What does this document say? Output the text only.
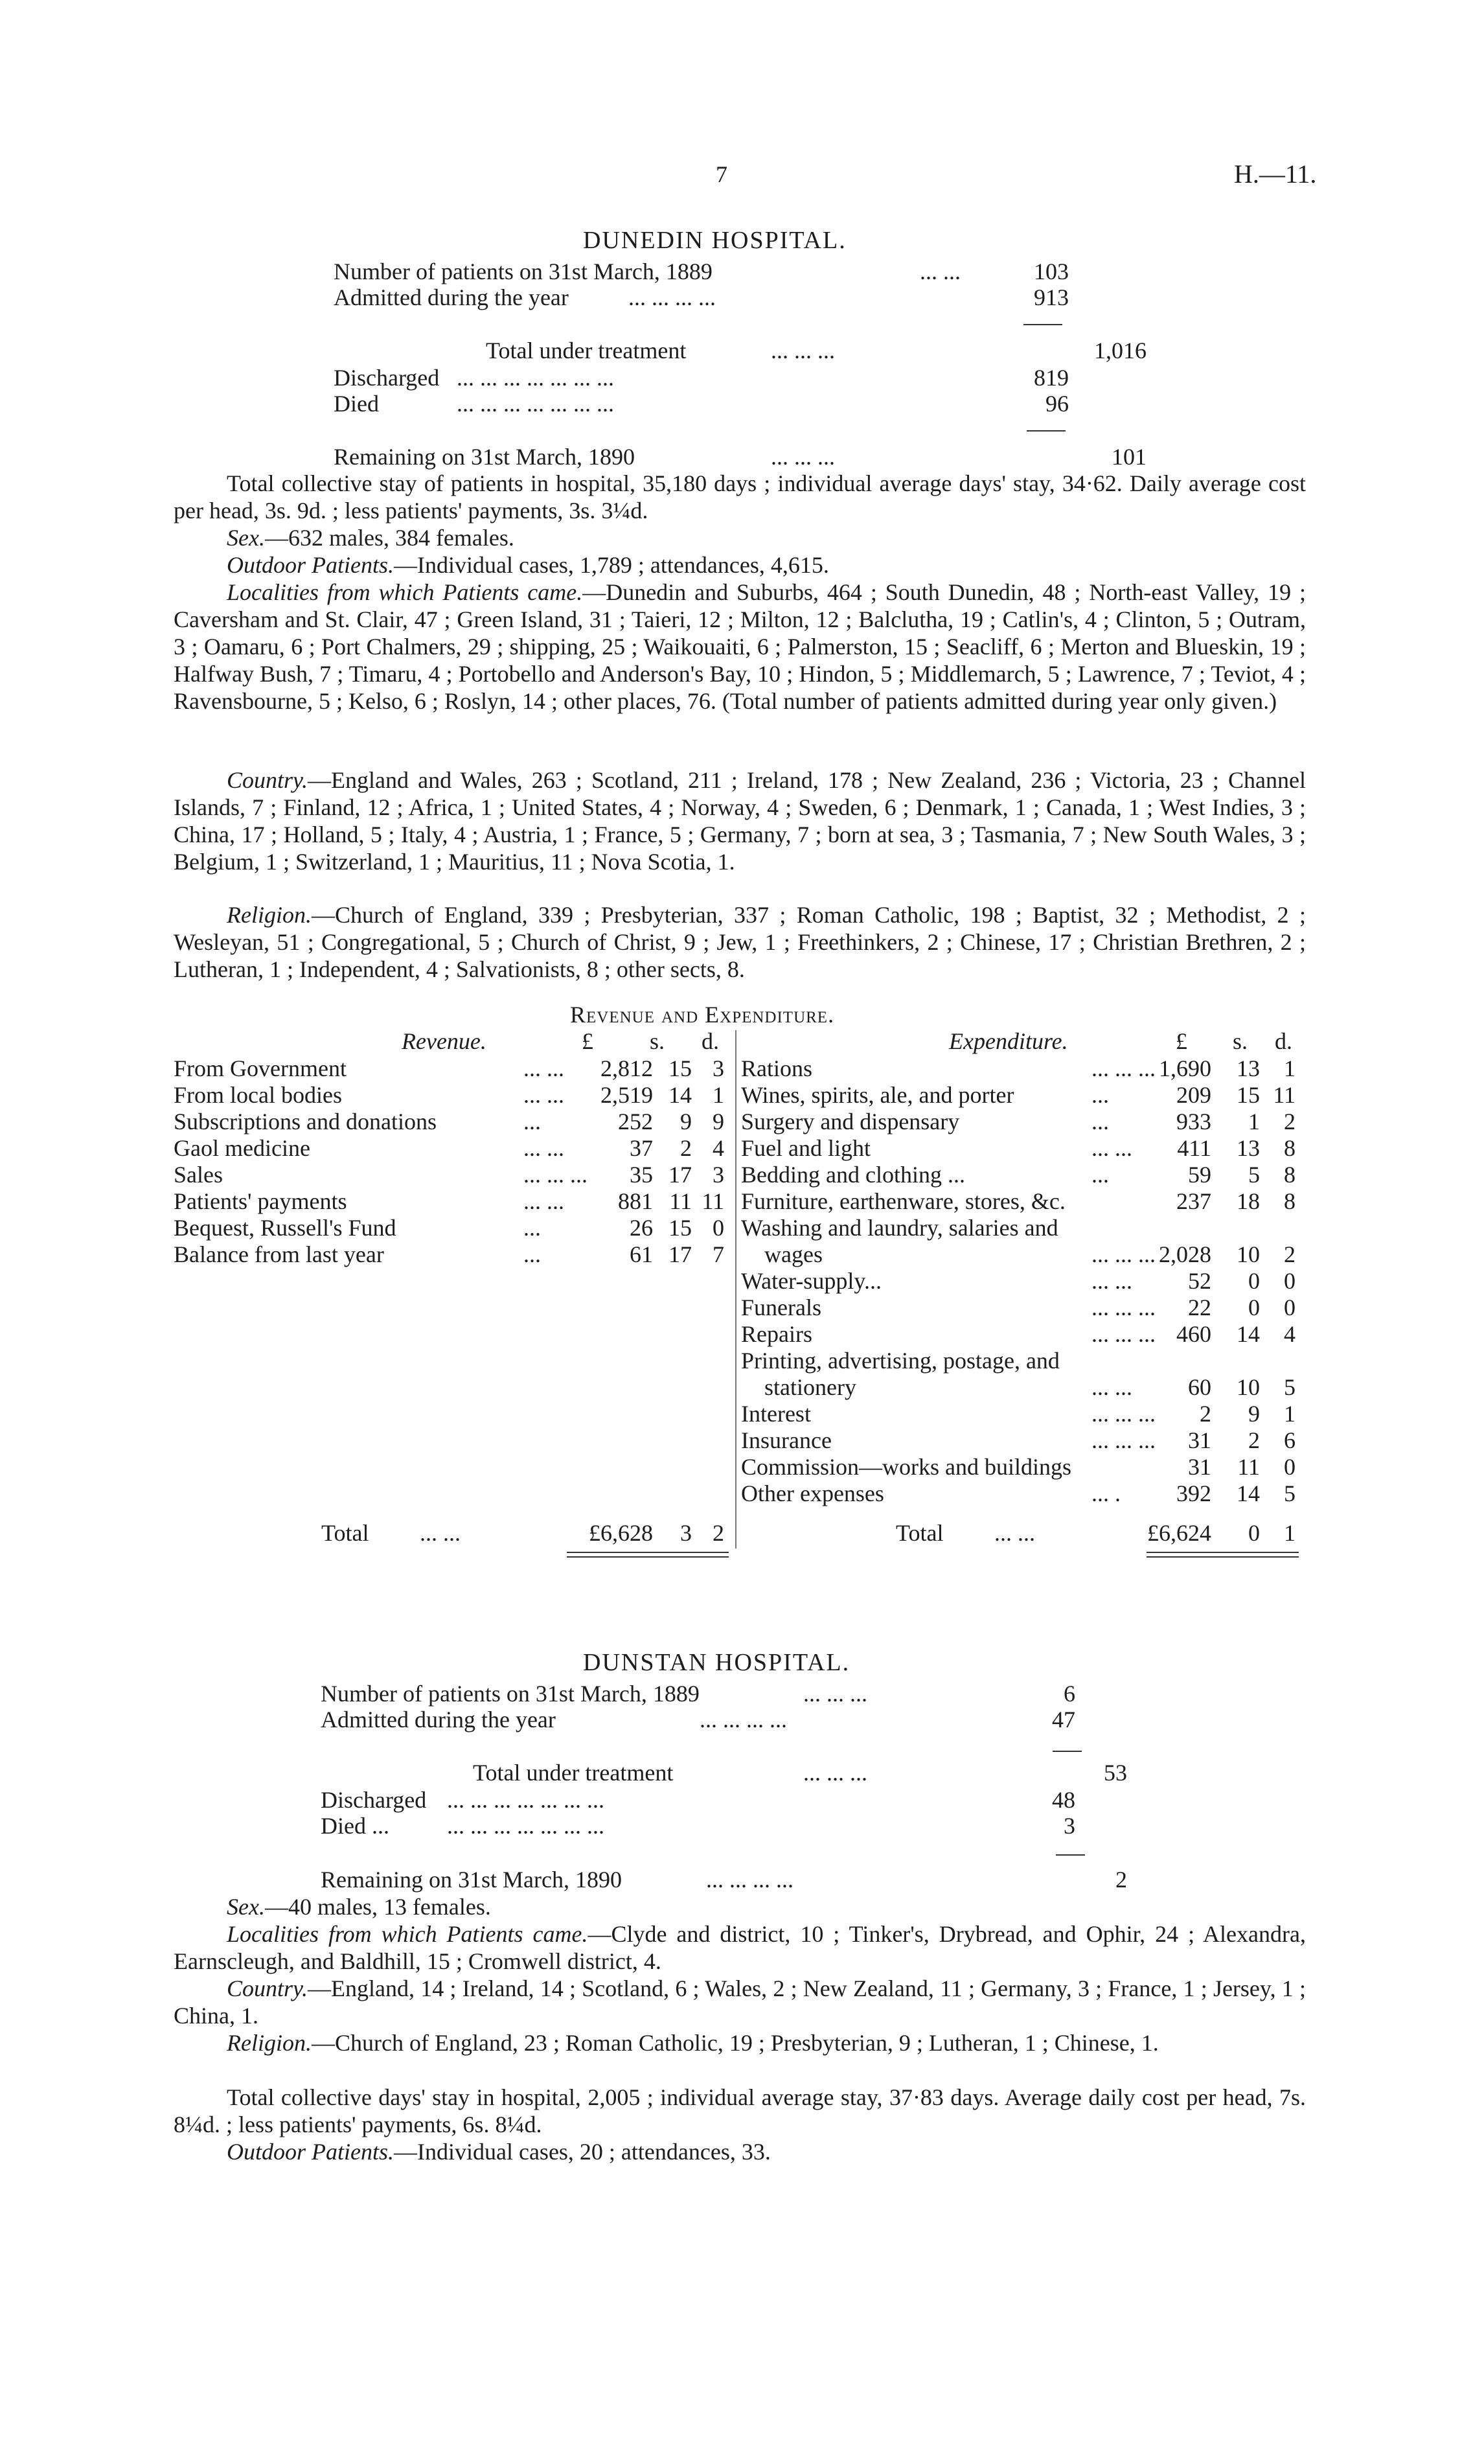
7	H.—11.
DUNEDIN HOSPITAL.
Number of patients on 31st March, 1889	... ...	103
Admitted during the year	... ... ... ...	913
Total under treatment	... ... ...	1,016
Discharged ... ... ... ... ... ... ...	819
Died	... ... ... ... ... ... ...	96
Remaining on 31st March, 1890	... ... ...	101
Total collective stay of patients in hospital, 35,180 days ; individual average days' stay, 34·62. Daily average cost per head, 3s. 9d. ; less patients' payments, 3s. 3¼d.
Sex.—632 males, 384 females.
Outdoor Patients.—Individual cases, 1,789 ; attendances, 4,615.
Localities from which Patients came.—Dunedin and Suburbs, 464 ; South Dunedin, 48 ; North-east Valley, 19 ; Caversham and St. Clair, 47 ; Green Island, 31 ; Taieri, 12 ; Milton, 12 ; Balclutha, 19 ; Catlin's, 4 ; Clinton, 5 ; Outram, 3 ; Oamaru, 6 ; Port Chalmers, 29 ; shipping, 25 ; Waikouaiti, 6 ; Palmerston, 15 ; Seacliff, 6 ; Merton and Blueskin, 19 ; Halfway Bush, 7 ; Timaru, 4 ; Portobello and Anderson's Bay, 10 ; Hindon, 5 ; Middlemarch, 5 ; Lawrence, 7 ; Teviot, 4 ; Ravensbourne, 5 ; Kelso, 6 ; Roslyn, 14 ; other places, 76. (Total number of patients admitted during year only given.)
Country.—England and Wales, 263 ; Scotland, 211 ; Ireland, 178 ; New Zealand, 236 ; Victoria, 23 ; Channel Islands, 7 ; Finland, 12 ; Africa, 1 ; United States, 4 ; Norway, 4 ; Sweden, 6 ; Denmark, 1 ; Canada, 1 ; West Indies, 3 ; China, 17 ; Holland, 5 ; Italy, 4 ; Austria, 1 ; France, 5 ; Germany, 7 ; born at sea, 3 ; Tasmania, 7 ; New South Wales, 3 ; Belgium, 1 ; Switzerland, 1 ; Mauritius, 11 ; Nova Scotia, 1.
Religion.—Church of England, 339 ; Presbyterian, 337 ; Roman Catholic, 198 ; Baptist, 32 ; Methodist, 2 ; Wesleyan, 51 ; Congregational, 5 ; Church of Christ, 9 ; Jew, 1 ; Freethinkers, 2 ; Chinese, 17 ; Christian Brethren, 2 ; Lutheran, 1 ; Independent, 4 ; Salvationists, 8 ; other sects, 8.
Revenue and Expenditure.
Revenue.	£ s. d.	Expenditure.	£ s. d.
From Government	... ...	2,812 15 3
From local bodies	... ...	2,519 14 1
Subscriptions and donations	...	252	9 9
Gaol medicine	... ...	37	2 4
Sales	... ... ...	35 17 3
Patients' payments	... ...	881 11 11
Bequest, Russell's Fund	...	26 15 0
Balance from last year	...	61 17 7
Rations	... ... ... 1,690	13	1
Wines, spirits, ale, and porter	...	209	15 11
Surgery and dispensary	...	933	1	2
Fuel and light	... ...	411	13	8
Bedding and clothing ...	...	59	5	8
Furniture, earthenware, stores, &c.	237	18	8
Washing and laundry, salaries and
wages	... ... ... 2,028	10	2
Water-supply...	... ...	52	0	0
Funerals	... ... ...	22	0	0
Repairs	... ... ... 460	14	4
Printing, advertising, postage, and
stationery	... ...	60	10	5
Interest	... ... ...	2	9	1
Insurance	... ... ...	31	2	6
Commission—works and buildings	31	11	0
Other expenses	... .	392	14	5
Total ... ...	£6,628	3 2	Total ... ...	£6,624	0	1
DUNSTAN HOSPITAL.
Number of patients on 31st March, 1889	... ... ...	6
Admitted during the year	... ... ... ...	47
Total under treatment	... ... ...	53
Discharged ... ... ... ... ... ... ...	48
Died ... ... ... ... ... ... ... ...	3
Remaining on 31st March, 1890	... ... ... ...	2
Sex.—40 males, 13 females.
Localities from which Patients came.—Clyde and district, 10 ; Tinker's, Drybread, and Ophir, 24 ; Alexandra, Earnscleugh, and Baldhill, 15 ; Cromwell district, 4.
Country.—England, 14 ; Ireland, 14 ; Scotland, 6 ; Wales, 2 ; New Zealand, 11 ; Germany, 3 ; France, 1 ; Jersey, 1 ; China, 1.
Religion.—Church of England, 23 ; Roman Catholic, 19 ; Presbyterian, 9 ; Lutheran, 1 ; Chinese, 1.
Total collective days' stay in hospital, 2,005 ; individual average stay, 37·83 days. Average daily cost per head, 7s. 8¼d. ; less patients' payments, 6s. 8¼d.
Outdoor Patients.—Individual cases, 20 ; attendances, 33.
